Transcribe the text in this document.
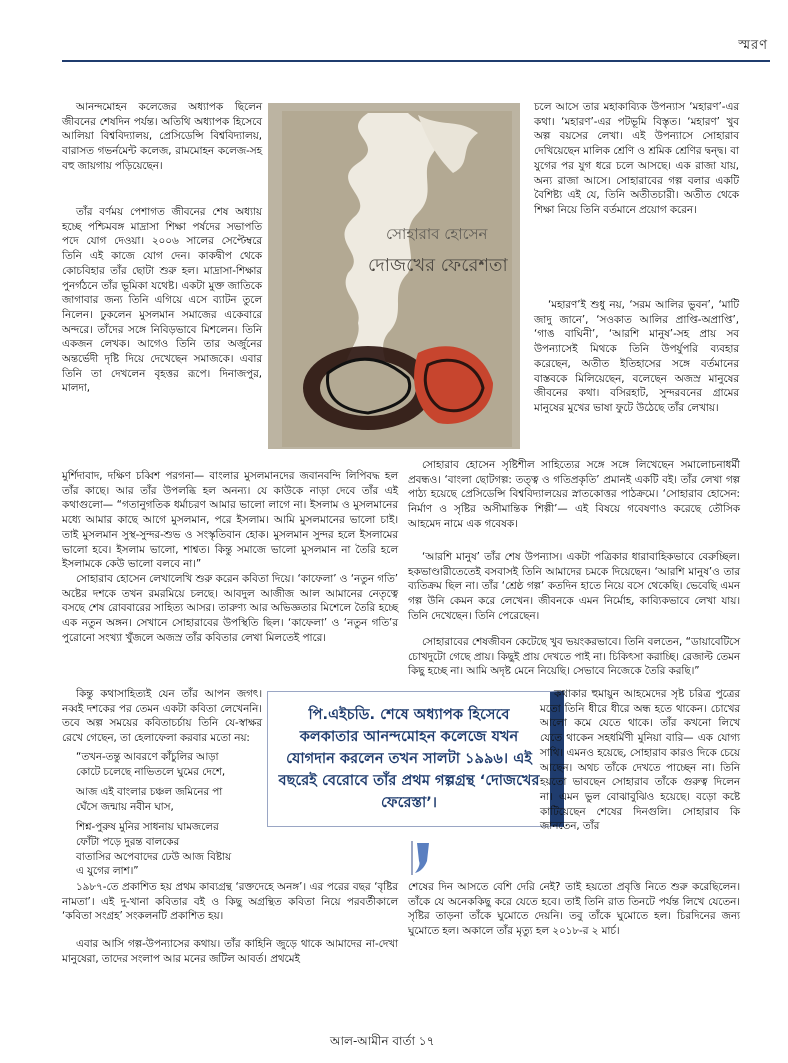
স্মরণ

আনন্দমোহন কলেজের অধ্যাপক ছিলেন জীবনের শেষদিন পর্যন্ত। অতিথি অধ্যাপক হিসেবে আলিয়া বিশ্ববিদ্যালয়, প্রেসিডেন্সি বিশ্ববিদ্যালয়, বারাসত গভর্নমেন্ট কলেজ, রামমোহন কলেজ-সহ বহু জায়গায় পড়িয়েছেন।

তাঁর বর্ণময় পেশাগত জীবনের শেষ অধ্যায় হচ্ছে পশ্চিমবঙ্গ মাদ্রাসা শিক্ষা পর্ষদের সভাপতি পদে যোগ দেওয়া। ২০০৬ সালের সেপ্টেম্বরে তিনি এই কাজে যোগ দেন। কাকদ্বীপ থেকে কোচবিহার তাঁর ছোটা শুরু হল। মাদ্রাসা-শিক্ষার পুনর্গঠনে তাঁর ভূমিকা যথেষ্ট। একটা মুক্ত জাতিকে জাগাবার জন্য তিনি এগিয়ে এসে ব্যাটন তুলে নিলেন। ঢুকলেন মুসলমান সমাজের একেবারে অন্দরে। তাঁদের সঙ্গে নিবিড়ভাবে মিশলেন। তিনি একজন লেখক। আগেও তিনি তার অর্জুনের অন্তর্ভেদী দৃষ্টি দিয়ে দেখেছেন সমাজকে। এবার তিনি তা দেখলেন বৃহত্তর রূপে। দিনাজপুর, মালদা,

সোহারাব হোসেন
দোজখের ফেরেশতা

চলে আসে তার মহাকাব্যিক উপন্যাস ‘মহারণ’-এর কথা। ‘মহারণ’-এর পটভূমি বিস্তৃত। ‘মহারণ’ খুব অল্প বয়সের লেখা। এই উপন্যাসে সোহারাব দেখিয়েছেন মালিক শ্রেণি ও শ্রমিক শ্রেণির দ্বন্দ্ব। বা যুগের পর যুগ ধরে চলে আসছে। এক রাজা যায়, অন্য রাজা আসে। সোহারাবের গল্প বলার একটি বৈশিষ্ট্য এই যে, তিনি অতীতচারী। অতীত থেকে শিক্ষা নিয়ে তিনি বর্তমানে প্রয়োগ করেন।

‘মহারণ’ই শুধু নয়, ‘সরম আলির ভুবন’, ‘মাটি জাদু জানে’, ‘সওকাত আলির প্রাপ্তি-অপ্রাপ্তি’, ‘গাঙ বাঘিনী’, ‘আরশি মানুষ’-সহ প্রায় সব উপন্যাসেই মিথকে তিনি উপর্যুপরি ব্যবহার করেছেন, অতীত ইতিহাসের সঙ্গে বর্তমানের বাস্তবকে মিলিয়েছেন, বলেছেন অজস্র মানুষের জীবনের কথা। বসিরহাট, সুন্দরবনের গ্রামের মানুষের মুখের ভাষা ফুটে উঠেছে তাঁর লেখায়।

মুর্শিদাবাদ, দক্ষিণ চব্বিশ পরগনা— বাংলার মুসলমানদের জবানবন্দি লিপিবদ্ধ হল তাঁর কাছে। আর তাঁর উপলব্ধি হল অনন্য। যে কাউকে নাড়া দেবে তাঁর এই কথাগুলো— “গতানুগতিক ধর্মাচরণ আমার ভালো লাগে না। ইসলাম ও মুসলমানের মধ্যে আমার কাছে আগে মুসলমান, পরে ইসলাম। আমি মুসলমানের ভালো চাই। তাই মুসলমান সুস্থ-সুন্দর-শুভ ও সংস্কৃতিবান হোক। মুসলমান সুন্দর হলে ইসলামের ভালো হবে। ইসলাম ভালো, শাশ্বত। কিন্তু সমাজে ভালো মুসলমান না তৈরি হলে ইসলামকে কেউ ভালো বলবে না।”

সোহারাব হোসেন লেখালেখি শুরু করেন কবিতা দিয়ে। ‘কাফেলা’ ও ‘নতুন গতি’ অষ্টের দশকে তখন রমরমিয়ে চলছে। আবদুল আজীজ আল আমানের নেতৃত্বে বসছে শেষ রোববারের সাহিত্য আসর। তারুণ্য আর অভিজ্ঞতার মিশেলে তৈরি হচ্ছে এক নতুন অঙ্গন। সেখানে সোহারাবের উপস্থিতি ছিল। ‘কাফেলা’ ও ‘নতুন গতি’র পুরোনো সংখ্যা খুঁজলে অজস্র তাঁর কবিতার লেখা মিলতেই পারে।

সোহারাব হোসেন সৃষ্টিশীল সাহিত্যের সঙ্গে সঙ্গে লিখেছেন সমালোচনাধর্মী প্রবন্ধও। ‘বাংলা ছোটগল্প: তত্ত্ব ও গতিপ্রকৃতি’ প্রমানই একটি বই। তাঁর লেখা গল্প পাঠ্য হয়েছে প্রেসিডেন্সি বিশ্ববিদ্যালয়ের স্নাতকোত্তর পাঠক্রমে। ‘সোহারাব হোসেন: নির্মাণ ও সৃষ্টির অসীমান্তিক শিল্পী’— এই বিষয়ে গবেষণাও করেছে তৌসিক আহমেদ নামে এক গবেষক।

‘আরশি মানুষ’ তাঁর শেষ উপন্যাস। একটা পত্রিকার ধারাবাহিকভাবে বেরুচ্ছিল। হকভাণ্ডারীতেতেই বসবাসই তিনি আমাদের চমকে দিয়েছেন। ‘আরশি মানুষ’ও তার ব্যতিক্রম ছিল না। তাঁর ‘শ্রেষ্ঠ গল্প’ কতদিন হাতে নিয়ে বসে থেকেছি। ভেবেছি এমন গল্প উনি কেমন করে লেখেন। জীবনকে এমন নির্মোহ, কাব্যিকভাবে লেখা যায়। তিনি দেখেছেন। তিনি পেরেছেন।

সোহারাবের শেষজীবন কেটেছে খুব ভয়ংকরভাবে। তিনি বলতেন, “ডায়াবেটিসে চোখদুটো গেছে প্রায়। কিছুই প্রায় দেখতে পাই না। চিকিৎসা করাচ্ছি। রেজাল্ট তেমন কিছু হচ্ছে না। আমি অদৃষ্ট মেনে নিয়েছি। সেভাবে নিজেকে তৈরি করছি।”

কিন্তু কথাসাহিত্যই যেন তাঁর আপন জগৎ। নব্বই দশকের পর তেমন একটা কবিতা লেখেননি। তবে অল্প সময়ের কবিতাচর্চায় তিনি যে-স্বাক্ষর রেখে গেছেন, তা হেলাফেলা করবার মতো নয়:

“তখন-তন্তু আবরণে কাঁচুলির আড়া
কোটে চলেছে নাভিতলে ঘুমের দেশে,
আজ এই বাংলার চঞ্চল জমিনের পা
ঘেঁসে জন্মায় নবীন ঘাস,
শিশ্ন-পুরুষ মুনির সাধনায় ঘামজলের
ফোঁটা পড়ে দুরন্ত বালকের
বাতাসির অপেবাদের ঢেউ আজ বিষ্টায়
এ যুগের লাশ।”
পি.এইচডি. শেষে অধ্যাপক হিসেবে কলকাতার আনন্দমোহন কলেজে যখন যোগদান করলেন তখন সালটা ১৯৯৬। এই বছরেই বেরোবে তাঁর প্রথম গল্পগ্রন্থ ‘দোজখের ফেরেস্তা’।

কথাকার হুমায়ুন আহমেদের সৃষ্ট চরিত্র পুত্রের মতো তিনি ধীরে ধীরে অন্ধ হতে থাকেন। চোখের আলো কমে যেতে থাকে। তাঁর কখনো লিখে যেতে থাকেন সহধর্মিণী মুনিয়া বারি— এক যোগ্য সাথি। এমনও হয়েছে, সোহারাব কারও দিকে চেয়ে আছেন। অথচ তাঁকে দেখতে পাচ্ছেন না। তিনি হয়তো ভাবছেন সোহারাব তাঁকে গুরুত্ব দিলেন না। এমন ভুল বোঝাবুঝিও হয়েছে। বড়ো কষ্টে কাটিয়েছেন শেষের দিনগুলি। সোহারাব কি জানতেন, তাঁর

১৯৮৭-তে প্রকাশিত হয় প্রথম কাব্যগ্রন্থ ‘রক্তদেহে অনঙ্গ’। এর পরের বছর ‘বৃষ্টির নামতা’। এই দু-খানা কবিতার বই ও কিছু অগ্রন্থিত কবিতা নিয়ে পরবর্তীকালে ‘কবিতা সংগ্রহ’ সংকলনটি প্রকাশিত হয়।

এবার আসি গল্প-উপন্যাসের কথায়। তাঁর কাহিনি জুড়ে থাকে আমাদের না-দেখা মানুষেরা, তাদের সংলাপ আর মনের জটিল আবর্ত। প্রথমেই

শেষের দিন আসতে বেশি দেরি নেই? তাই হয়তো প্রবৃত্তি নিতে শুরু করেছিলেন। তাঁকে যে অনেককিছু করে যেতে হবে। তাই তিনি রাত তিনটে পর্যন্ত লিখে যেতেন। সৃষ্টির তাড়না তাঁকে ঘুমোতে দেয়নি। তবু তাঁকে ঘুমোতে হল। চিরদিনের জন্য ঘুমোতে হল। অকালে তাঁর মৃত্যু হল ২০১৮-র ২ মার্চ।

আল-আমীন বার্তা ১৭
